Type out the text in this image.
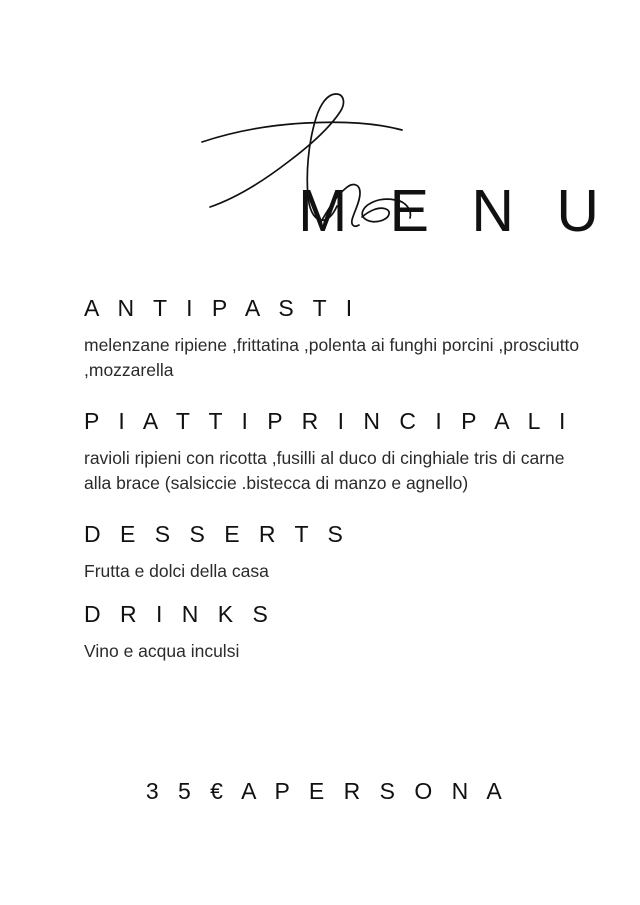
M E N U
A N T I P A S T I

melenzane ripiene ,frittatina ,polenta ai funghi porcini ,prosciutto ,mozzarella

P I A T T I P R I N C I P A L I

ravioli ripieni con ricotta ,fusilli al duco di cinghiale tris di carne alla brace (salsiccie .bistecca di manzo e agnello)

D E S S E R T S

Frutta e dolci della casa

D R I N K S

Vino e acqua inculsi

3 5 € A P E R S O N A
